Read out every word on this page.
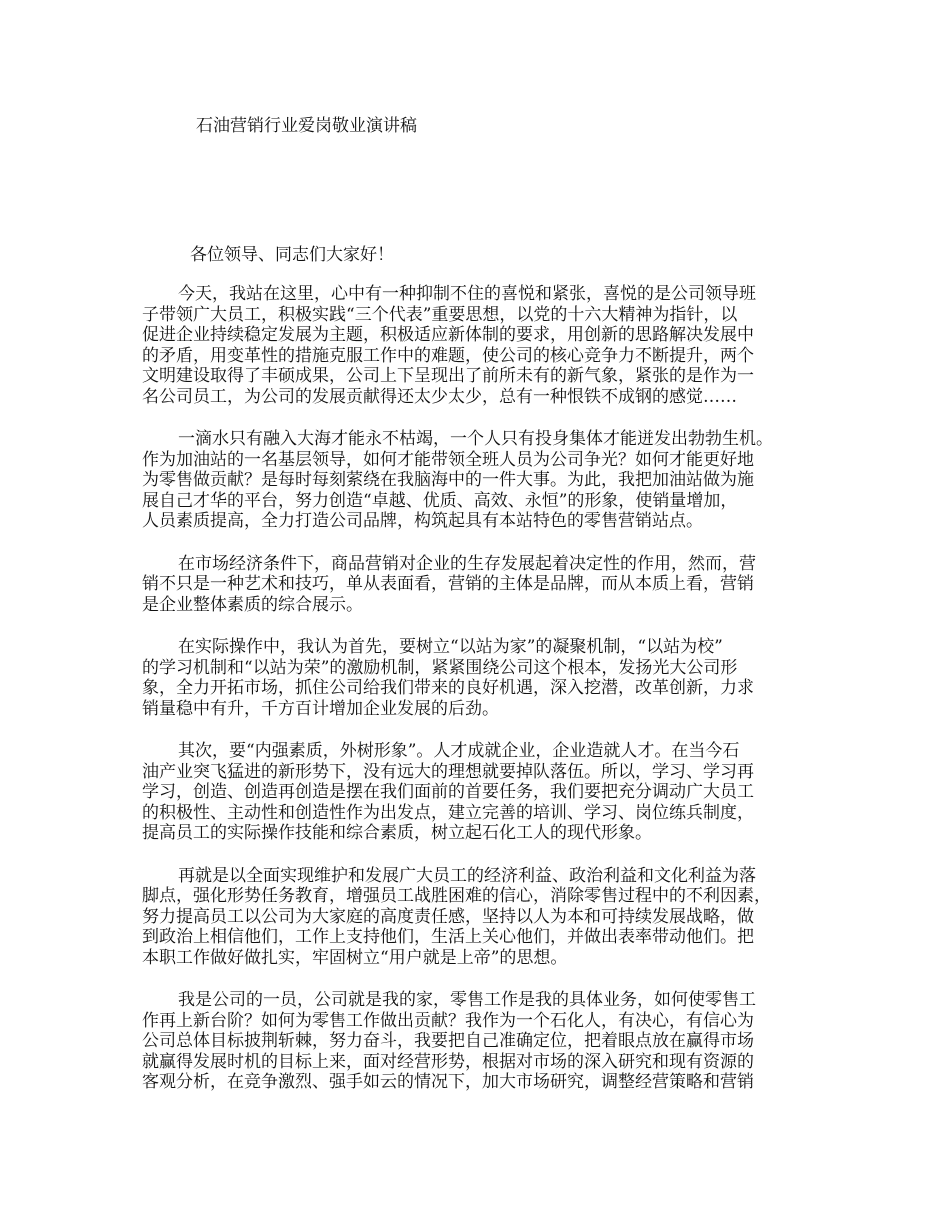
石油营销行业爱岗敬业演讲稿

各位领导、同志们大家好！

今天，我站在这里，心中有一种抑制不住的喜悦和紧张，喜悦的是公司领导班
子带领广大员工，积极实践“三个代表”重要思想，以党的十六大精神为指针，以
促进企业持续稳定发展为主题，积极适应新体制的要求，用创新的思路解决发展中
的矛盾，用变革性的措施克服工作中的难题，使公司的核心竞争力不断提升，两个
文明建设取得了丰硕成果，公司上下呈现出了前所未有的新气象，紧张的是作为一
名公司员工，为公司的发展贡献得还太少太少，总有一种恨铁不成钢的感觉……

一滴水只有融入大海才能永不枯竭，一个人只有投身集体才能迸发出勃勃生机。
作为加油站的一名基层领导，如何才能带领全班人员为公司争光？如何才能更好地
为零售做贡献？是每时每刻萦绕在我脑海中的一件大事。为此，我把加油站做为施
展自己才华的平台，努力创造“卓越、优质、高效、永恒”的形象，使销量增加，
人员素质提高，全力打造公司品牌，构筑起具有本站特色的零售营销站点。

在市场经济条件下，商品营销对企业的生存发展起着决定性的作用，然而，营
销不只是一种艺术和技巧，单从表面看，营销的主体是品牌，而从本质上看，营销
是企业整体素质的综合展示。

在实际操作中，我认为首先，要树立“以站为家”的凝聚机制，“以站为校”
的学习机制和“以站为荣”的激励机制，紧紧围绕公司这个根本，发扬光大公司形
象，全力开拓市场，抓住公司给我们带来的良好机遇，深入挖潜，改革创新，力求
销量稳中有升，千方百计增加企业发展的后劲。

其次，要“内强素质，外树形象”。人才成就企业，企业造就人才。在当今石
油产业突飞猛进的新形势下，没有远大的理想就要掉队落伍。所以，学习、学习再
学习，创造、创造再创造是摆在我们面前的首要任务，我们要把充分调动广大员工
的积极性、主动性和创造性作为出发点，建立完善的培训、学习、岗位练兵制度，
提高员工的实际操作技能和综合素质，树立起石化工人的现代形象。

再就是以全面实现维护和发展广大员工的经济利益、政治利益和文化利益为落
脚点，强化形势任务教育，增强员工战胜困难的信心，消除零售过程中的不利因素，
努力提高员工以公司为大家庭的高度责任感，坚持以人为本和可持续发展战略，做
到政治上相信他们，工作上支持他们，生活上关心他们，并做出表率带动他们。把
本职工作做好做扎实，牢固树立“用户就是上帝”的思想。

我是公司的一员，公司就是我的家，零售工作是我的具体业务，如何使零售工
作再上新台阶？如何为零售工作做出贡献？我作为一个石化人，有决心，有信心为
公司总体目标披荆斩棘，努力奋斗，我要把自己准确定位，把着眼点放在赢得市场
就赢得发展时机的目标上来，面对经营形势，根据对市场的深入研究和现有资源的
客观分析，在竞争激烈、强手如云的情况下，加大市场研究，调整经营策略和营销
